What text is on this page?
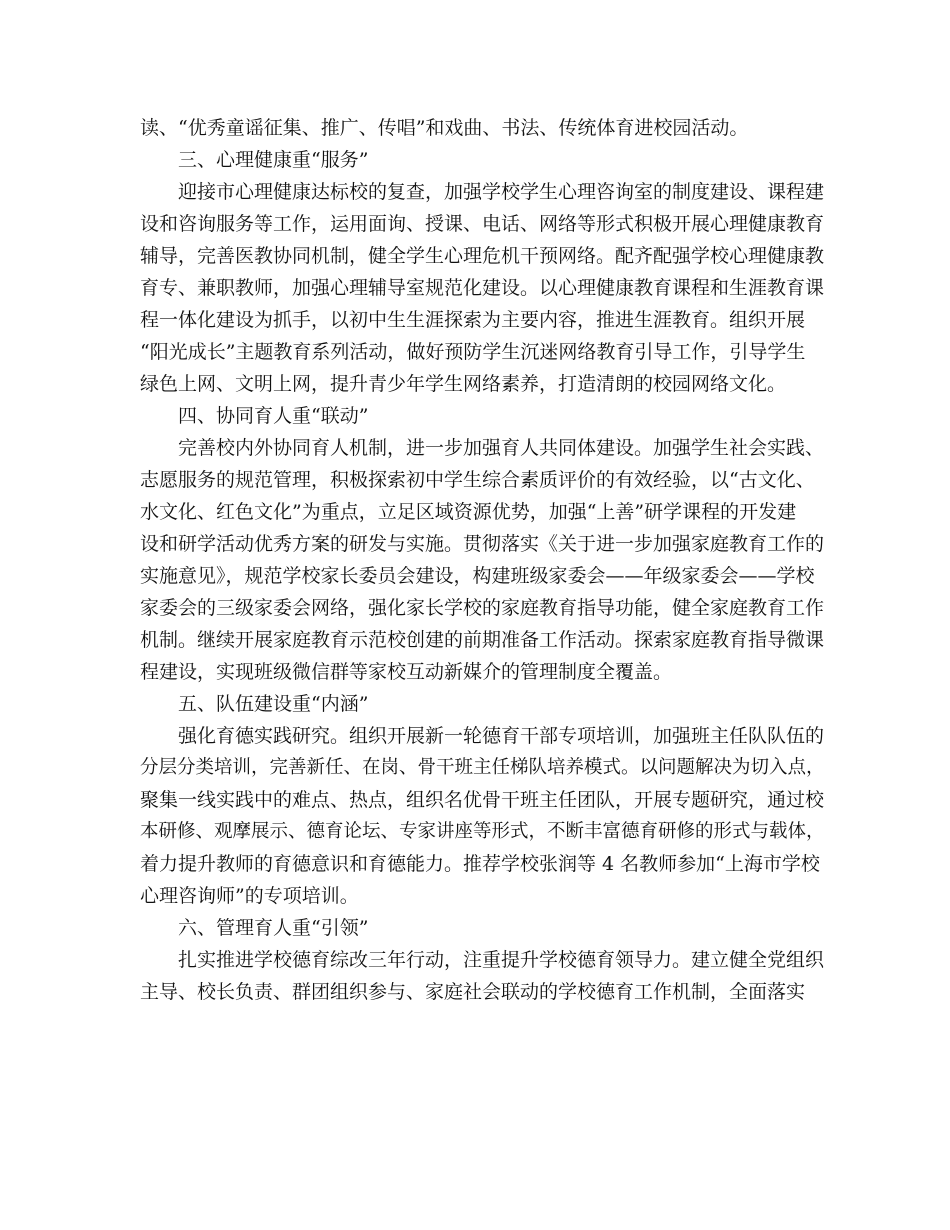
读、“优秀童谣征集、推广、传唱”和戏曲、书法、传统体育进校园活动。
三、心理健康重“服务”
迎接市心理健康达标校的复查，加强学校学生心理咨询室的制度建设、课程建
设和咨询服务等工作，运用面询、授课、电话、网络等形式积极开展心理健康教育
辅导，完善医教协同机制，健全学生心理危机干预网络。配齐配强学校心理健康教
育专、兼职教师，加强心理辅导室规范化建设。以心理健康教育课程和生涯教育课
程一体化建设为抓手，以初中生生涯探索为主要内容，推进生涯教育。组织开展
“阳光成长”主题教育系列活动，做好预防学生沉迷网络教育引导工作，引导学生
绿色上网、文明上网，提升青少年学生网络素养，打造清朗的校园网络文化。
四、协同育人重“联动”
完善校内外协同育人机制，进一步加强育人共同体建设。加强学生社会实践、
志愿服务的规范管理，积极探索初中学生综合素质评价的有效经验，以“古文化、
水文化、红色文化”为重点，立足区域资源优势，加强“上善”研学课程的开发建
设和研学活动优秀方案的研发与实施。贯彻落实《关于进一步加强家庭教育工作的
实施意见》，规范学校家长委员会建设，构建班级家委会——年级家委会——学校
家委会的三级家委会网络，强化家长学校的家庭教育指导功能，健全家庭教育工作
机制。继续开展家庭教育示范校创建的前期准备工作活动。探索家庭教育指导微课
程建设，实现班级微信群等家校互动新媒介的管理制度全覆盖。
五、队伍建设重“内涵”
强化育德实践研究。组织开展新一轮德育干部专项培训，加强班主任队队伍的
分层分类培训，完善新任、在岗、骨干班主任梯队培养模式。以问题解决为切入点，
聚集一线实践中的难点、热点，组织名优骨干班主任团队，开展专题研究，通过校
本研修、观摩展示、德育论坛、专家讲座等形式，不断丰富德育研修的形式与载体，
着力提升教师的育德意识和育德能力。推荐学校张润等 4 名教师参加“上海市学校
心理咨询师”的专项培训。
六、管理育人重“引领”
扎实推进学校德育综改三年行动，注重提升学校德育领导力。建立健全党组织
主导、校长负责、群团组织参与、家庭社会联动的学校德育工作机制，全面落实
